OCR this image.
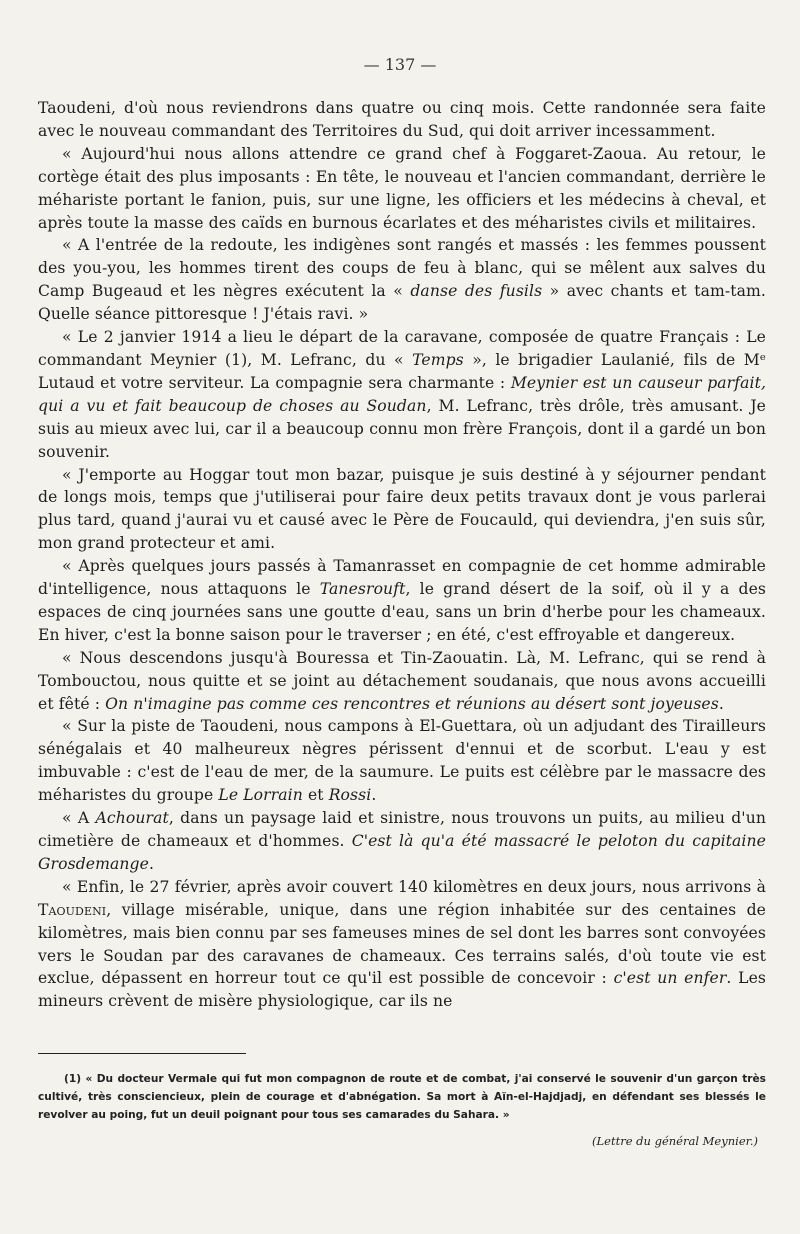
— 137 —

Taoudeni, d'où nous reviendrons dans quatre ou cinq mois. Cette randonnée sera faite avec le nouveau commandant des Territoires du Sud, qui doit arriver incessamment.

« Aujourd'hui nous allons attendre ce grand chef à Foggaret-Zaoua. Au retour, le cortège était des plus imposants : En tête, le nouveau et l'ancien commandant, derrière le méhariste portant le fanion, puis, sur une ligne, les officiers et les médecins à cheval, et après toute la masse des caïds en burnous écarlates et des méharistes civils et militaires.

« A l'entrée de la redoute, les indigènes sont rangés et massés : les femmes poussent des you-you, les hommes tirent des coups de feu à blanc, qui se mêlent aux salves du Camp Bugeaud et les nègres exécutent la « danse des fusils » avec chants et tam-tam. Quelle séance pittoresque ! J'étais ravi. »

« Le 2 janvier 1914 a lieu le départ de la caravane, composée de quatre Français : Le commandant Meynier (1), M. Lefranc, du « Temps », le brigadier Laulanié, fils de Mᵉ Lutaud et votre serviteur. La compagnie sera charmante : Meynier est un causeur parfait, qui a vu et fait beaucoup de choses au Soudan, M. Lefranc, très drôle, très amusant. Je suis au mieux avec lui, car il a beaucoup connu mon frère François, dont il a gardé un bon souvenir.

« J'emporte au Hoggar tout mon bazar, puisque je suis destiné à y séjourner pendant de longs mois, temps que j'utiliserai pour faire deux petits travaux dont je vous parlerai plus tard, quand j'aurai vu et causé avec le Père de Foucauld, qui deviendra, j'en suis sûr, mon grand protecteur et ami.

« Après quelques jours passés à Tamanrasset en compagnie de cet homme admirable d'intelligence, nous attaquons le Tanesrouft, le grand désert de la soif, où il y a des espaces de cinq journées sans une goutte d'eau, sans un brin d'herbe pour les chameaux. En hiver, c'est la bonne saison pour le traverser ; en été, c'est effroyable et dangereux.

« Nous descendons jusqu'à Bouressa et Tin-Zaouatin. Là, M. Lefranc, qui se rend à Tombouctou, nous quitte et se joint au détachement soudanais, que nous avons accueilli et fêté : On n'imagine pas comme ces rencontres et réunions au désert sont joyeuses.

« Sur la piste de Taoudeni, nous campons à El-Guettara, où un adjudant des Tirailleurs sénégalais et 40 malheureux nègres périssent d'ennui et de scorbut. L'eau y est imbuvable : c'est de l'eau de mer, de la saumure. Le puits est célèbre par le massacre des méharistes du groupe Le Lorrain et Rossi.

« A Achourat, dans un paysage laid et sinistre, nous trouvons un puits, au milieu d'un cimetière de chameaux et d'hommes. C'est là qu'a été massacré le peloton du capitaine Grosdemange.

« Enfin, le 27 février, après avoir couvert 140 kilomètres en deux jours, nous arrivons à Taoudeni, village misérable, unique, dans une région inhabitée sur des centaines de kilomètres, mais bien connu par ses fameuses mines de sel dont les barres sont convoyées vers le Soudan par des caravanes de chameaux. Ces terrains salés, d'où toute vie est exclue, dépassent en horreur tout ce qu'il est possible de concevoir : c'est un enfer. Les mineurs crèvent de misère physiologique, car ils ne

(1) « Du docteur Vermale qui fut mon compagnon de route et de combat, j'ai conservé le souvenir d'un garçon très cultivé, très consciencieux, plein de courage et d'abnégation. Sa mort à Aïn-el-Hajdjadj, en défendant ses blessés le revolver au poing, fut un deuil poignant pour tous ses camarades du Sahara. »

(Lettre du général Meynier.)
